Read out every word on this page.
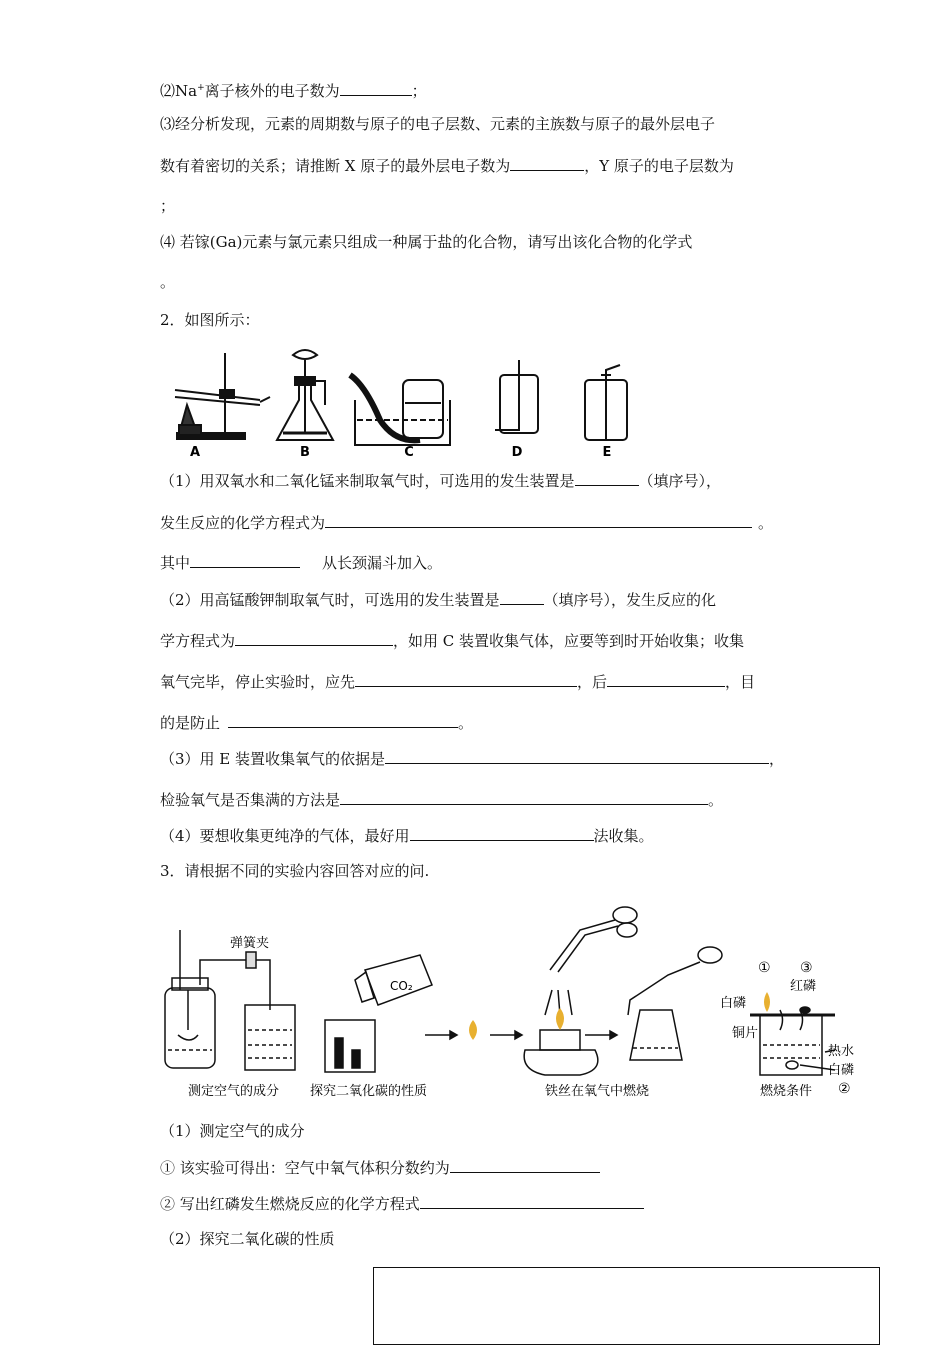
⑵Na+离子核外的电子数为	；
⑶经分析发现，元素的周期数与原子的电子层数、元素的主族数与原子的最外层电子
数有着密切的关系；请推断 X 原子的最外层电子数为	，Y 原子的电子层数为
；
⑷ 若镓(Ga)元素与氯元素只组成一种属于盐的化合物，请写出该化合物的化学式
。
2．如图所示：
A	B	C	D	E
（1）用双氧水和二氧化锰来制取氧气时，可选用的发生装置是	（填序号），
发生反应的化学方程式为	。
其中	从长颈漏斗加入。
（2）用高锰酸钾制取氧气时，可选用的发生装置是	（填序号），发生反应的化
学方程式为	，如用 C 装置收集气体，应要等到时开始收集；收集
氧气完毕，停止实验时，应先	，后	，目
的是防止	。
（3）用 E 装置收集氧气的依据是	，
检验氧气是否集满的方法是	。
（4）要想收集更纯净的气体，最好用	法收集。
3．请根据不同的实验内容回答对应的问.
弹簧夹
测定空气的成分
CO₂
探究二氧化碳的性质	铁丝在氧气中燃烧
① ③
红磷
白磷
铜片
热水
白磷
燃烧条件 ②
（1）测定空气的成分
① 该实验可得出：空气中氧气体积分数约为
② 写出红磷发生燃烧反应的化学方程式
（2）探究二氧化碳的性质
